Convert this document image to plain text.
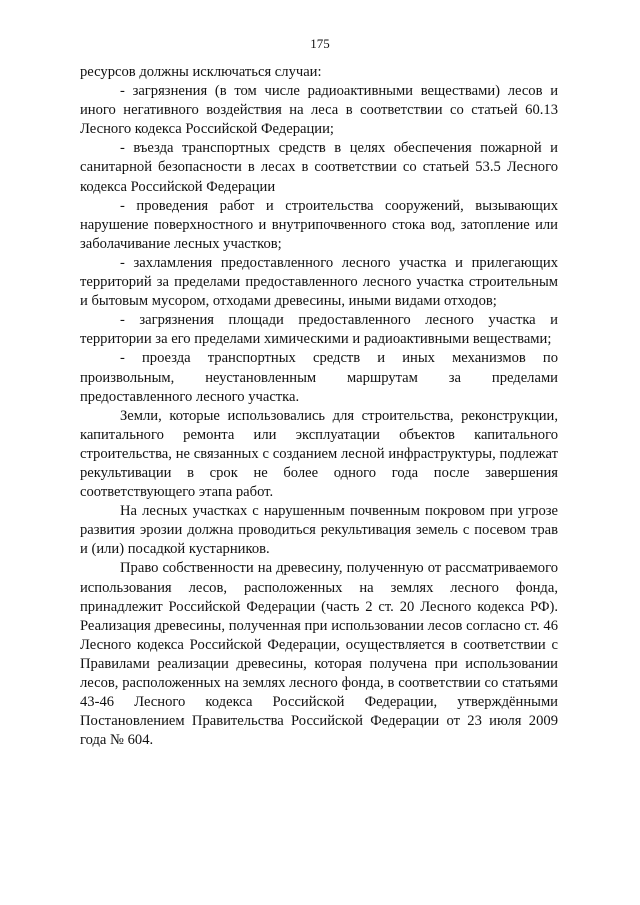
175

ресурсов должны исключаться случаи:

- загрязнения (в том числе радиоактивными веществами) лесов и иного негативного воздействия на леса в соответствии со статьей 60.13 Лесного кодекса Российской Федерации;

- въезда транспортных средств в целях обеспечения пожарной и санитарной безопасности в лесах в соответствии со статьей 53.5 Лесного кодекса Российской Федерации

- проведения работ и строительства сооружений, вызывающих нарушение поверхностного и внутрипочвенного стока вод, затопление или заболачивание лесных участков;

- захламления предоставленного лесного участка и прилегающих территорий за пределами предоставленного лесного участка строительным и бытовым мусором, отходами древесины, иными видами отходов;

- загрязнения площади предоставленного лесного участка и территории за его пределами химическими и радиоактивными веществами;

- проезда транспортных средств и иных механизмов по произвольным, неустановленным маршрутам за пределами предоставленного лесного участка.

Земли, которые использовались для строительства, реконструкции, капитального ремонта или эксплуатации объектов капитального строительства, не связанных с созданием лесной инфраструктуры, подлежат рекультивации в срок не более одного года после завершения соответствующего этапа работ.

На лесных участках с нарушенным почвенным покровом при угрозе развития эрозии должна проводиться рекультивация земель с посевом трав и (или) посадкой кустарников.

Право собственности на древесину, полученную от рассматриваемого использования лесов, расположенных на землях лесного фонда, принадлежит Российской Федерации (часть 2 ст. 20 Лесного кодекса РФ). Реализация древесины, полученная при использовании лесов согласно ст. 46 Лесного кодекса Российской Федерации, осуществляется в соответствии с Правилами реализации древесины, которая получена при использовании лесов, расположенных на землях лесного фонда, в соответствии со статьями 43-46 Лесного кодекса Российской Федерации, утверждёнными Постановлением Правительства Российской Федерации от 23 июля 2009 года № 604.
